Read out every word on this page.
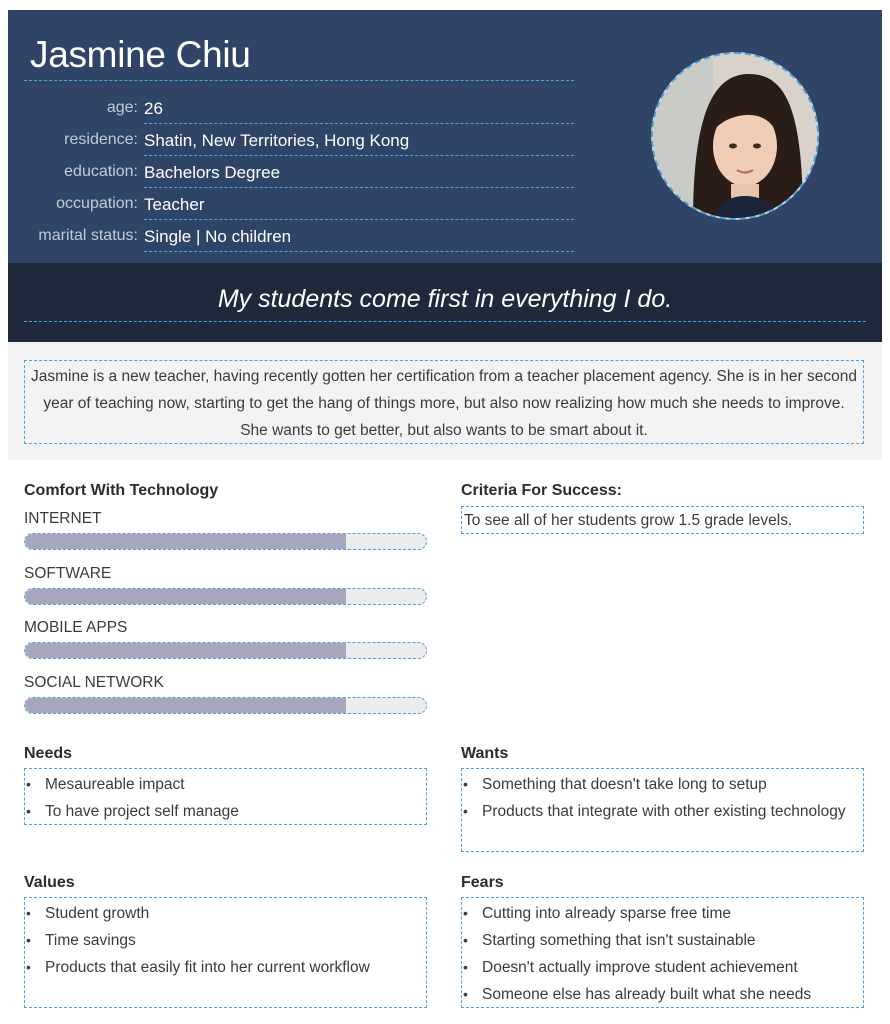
Jasmine Chiu
age: 26
residence: Shatin, New Territories, Hong Kong
education: Bachelors Degree
occupation: Teacher
marital status: Single | No children
My students come first in everything I do.
Jasmine is a new teacher, having recently gotten her certification from a teacher placement agency. She is in her second year of teaching now, starting to get the hang of things more, but also now realizing how much she needs to improve. She wants to get better, but also wants to be smart about it.
Comfort With Technology
INTERNET
SOFTWARE
MOBILE APPS
SOCIAL NETWORK
Criteria For Success:
To see all of her students grow 1.5 grade levels.
Needs
• Mesaureable impact
• To have project self manage
Wants
• Something that doesn't take long to setup
• Products that integrate with other existing technology
Values
• Student growth
• Time savings
• Products that easily fit into her current workflow
Fears
• Cutting into already sparse free time
• Starting something that isn't sustainable
• Doesn't actually improve student achievement
• Someone else has already built what she needs
